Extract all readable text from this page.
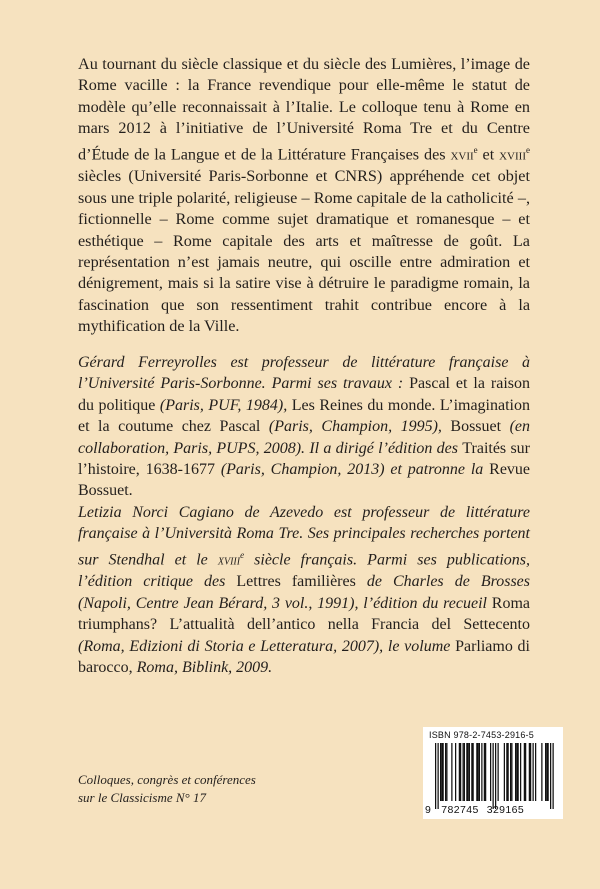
Au tournant du siècle classique et du siècle des Lumières, l’image de Rome vacille : la France revendique pour elle-même le statut de modèle qu’elle reconnaissait à l’Italie. Le colloque tenu à Rome en mars 2012 à l’initiative de l’Université Roma Tre et du Centre d’Étude de la Langue et de la Littérature Françaises des xvii$^e$ et xviii$^e$ siècles (Université Paris-Sorbonne et CNRS) appréhende cet objet sous une triple polarité, religieuse – Rome capitale de la catholicité –, fictionnelle – Rome comme sujet dramatique et romanesque – et esthétique – Rome capitale des arts et maîtresse de goût. La représentation n’est jamais neutre, qui oscille entre admiration et dénigrement, mais si la satire vise à détruire le paradigme romain, la fascination que son ressentiment trahit contribue encore à la mythification de la Ville.

Gérard Ferreyrolles est professeur de littérature française à l’Université Paris-Sorbonne. Parmi ses travaux : Pascal et la raison du politique (Paris, PUF, 1984), Les Reines du monde. L’imagination et la coutume chez Pascal (Paris, Champion, 1995), Bossuet (en collaboration, Paris, PUPS, 2008). Il a dirigé l’édition des Traités sur l’histoire, 1638-1677 (Paris, Champion, 2013) et patronne la Revue Bossuet.

Letizia Norci Cagiano de Azevedo est professeur de littérature française à l’Università Roma Tre. Ses principales recherches portent sur Stendhal et le xviii$^e$ siècle français. Parmi ses publications, l’édition critique des Lettres familières de Charles de Brosses (Napoli, Centre Jean Bérard, 3 vol., 1991), l’édition du recueil Roma triumphans? L’attualità dell’antico nella Francia del Settecento (Roma, Edizioni di Storia e Letteratura, 2007), le volume Parliamo di barocco, Roma, Biblink, 2009.

Colloques, congrès et conférences
sur le Classicisme N° 17
ISBN 978-2-7453-2916-5
9 782745 329165
